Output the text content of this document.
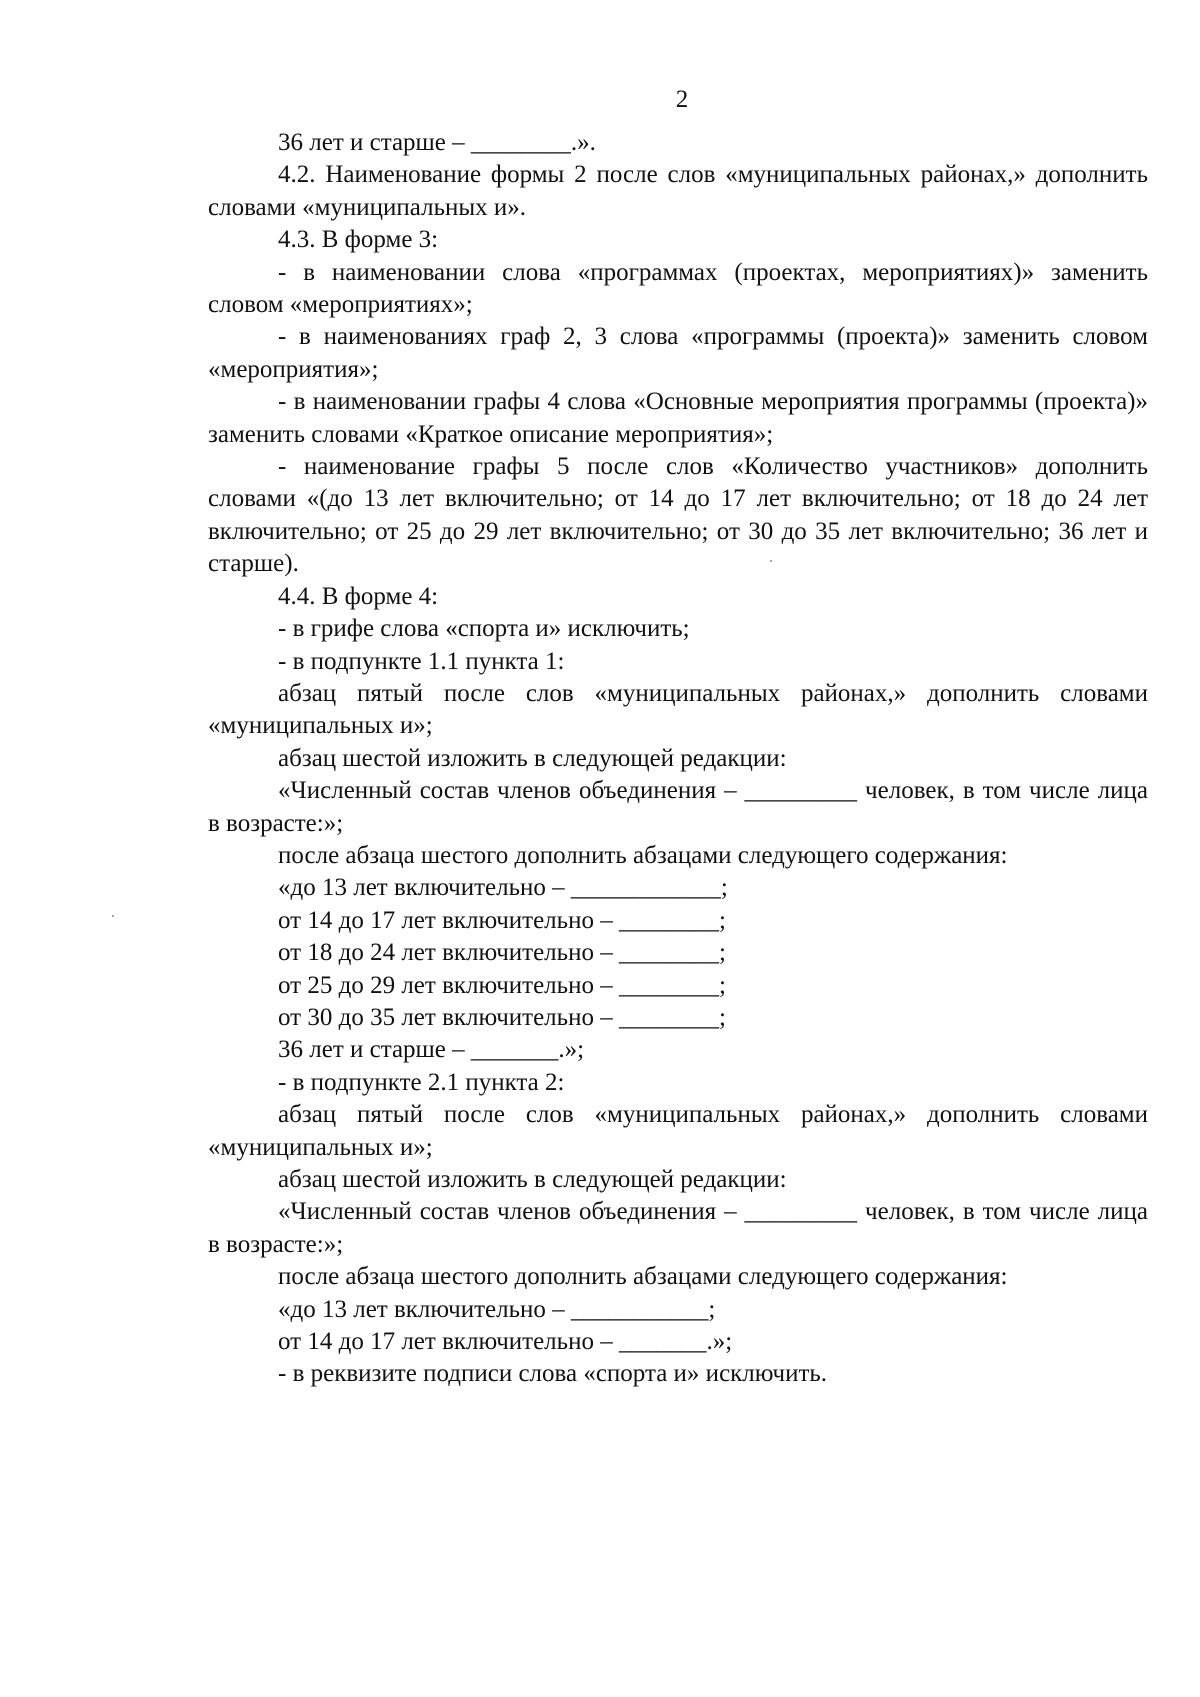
2

36 лет и старше – ________.».

4.2. Наименование формы 2 после слов «муниципальных районах,» дополнить словами «муниципальных и».

4.3. В форме 3:

- в наименовании слова «программах (проектах, мероприятиях)» заменить словом «мероприятиях»;

- в наименованиях граф 2, 3 слова «программы (проекта)» заменить словом «мероприятия»;

- в наименовании графы 4 слова «Основные мероприятия программы (проекта)» заменить словами «Краткое описание мероприятия»;

- наименование графы 5 после слов «Количество участников» дополнить словами «(до 13 лет включительно; от 14 до 17 лет включительно; от 18 до 24 лет включительно; от 25 до 29 лет включительно; от 30 до 35 лет включительно; 36 лет и старше).

4.4. В форме 4:

- в грифе слова «спорта и» исключить;

- в подпункте 1.1 пункта 1:

абзац пятый после слов «муниципальных районах,» дополнить словами «муниципальных и»;

абзац шестой изложить в следующей редакции:

«Численный состав членов объединения – _________ человек, в том числе лица в возрасте:»;

после абзаца шестого дополнить абзацами следующего содержания:

«до 13 лет включительно – ____________;

от 14 до 17 лет включительно – ________;

от 18 до 24 лет включительно – ________;

от 25 до 29 лет включительно – ________;

от 30 до 35 лет включительно – ________;

36 лет и старше – _______.»;

- в подпункте 2.1 пункта 2:

абзац пятый после слов «муниципальных районах,» дополнить словами «муниципальных и»;

абзац шестой изложить в следующей редакции:

«Численный состав членов объединения – _________ человек, в том числе лица в возрасте:»;

после абзаца шестого дополнить абзацами следующего содержания:

«до 13 лет включительно – ___________;

от 14 до 17 лет включительно – _______.»;

- в реквизите подписи слова «спорта и» исключить.
